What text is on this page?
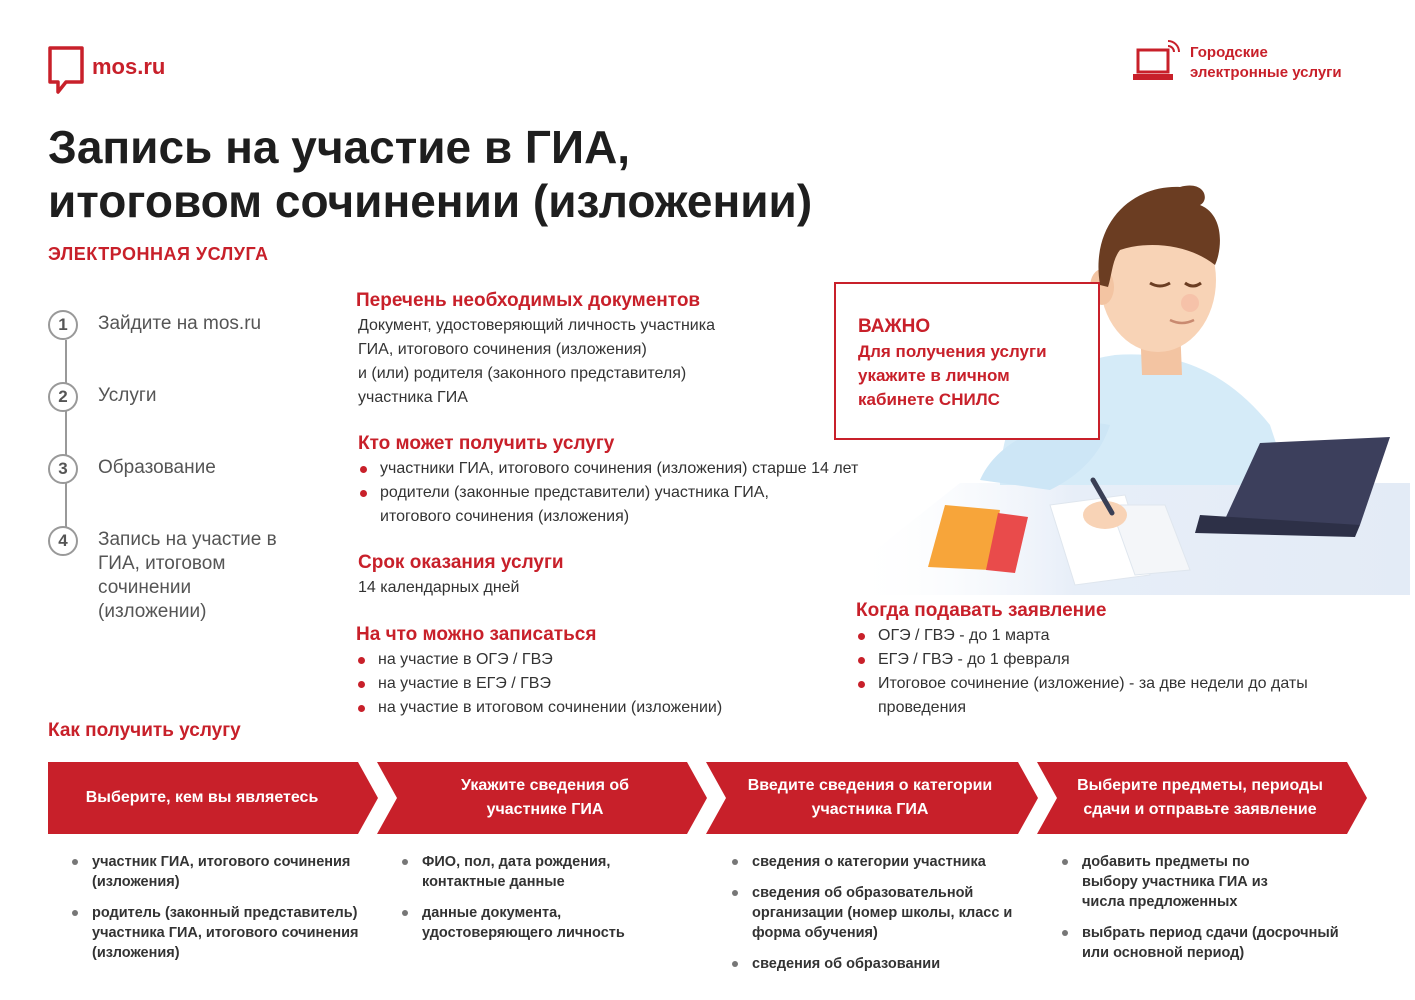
mos.ru
Городские
электронные услуги
Запись на участие в ГИА,
итоговом сочинении (изложении)
ЭЛЕКТРОННАЯ УСЛУГА
1	Зайдите на mos.ru
2	Услуги
3	Образование
4	Запись на участие в ГИА, итоговом сочинении (изложении)
Перечень необходимых документов
Документ, удостоверяющий личность участника
ГИА, итогового сочинения (изложения)
и (или) родителя (законного представителя)
участника ГИА
Кто может получить услугу
участники ГИА, итогового сочинения (изложения) старше 14 лет
родители (законные представители) участника ГИА, итогового сочинения (изложения)
Срок оказания услуги
14 календарных дней
На что можно записаться
на участие в ОГЭ / ГВЭ
на участие в ЕГЭ / ГВЭ
на участие в итоговом сочинении (изложении)
ВАЖНО
Для получения услуги
укажите в личном
кабинете СНИЛС
Когда подавать заявление
ОГЭ / ГВЭ - до 1 марта
ЕГЭ / ГВЭ - до 1 февраля
Итоговое сочинение (изложение) - за две недели до даты проведения
Как получить услугу
Выберите, кем вы являетесь
Укажите сведения об участнике ГИА
Введите сведения о категории участника ГИА
Выберите предметы, периоды сдачи и отправьте заявление
участник ГИА, итогового сочинения (изложения)
родитель (законный представитель) участника ГИА, итогового сочинения (изложения)
ФИО, пол, дата рождения, контактные данные
данные документа, удостоверяющего личность
сведения о категории участника
сведения об образовательной организации (номер школы, класс и форма обучения)
сведения об образовании
добавить предметы по выбору участника ГИА из числа предложенных
выбрать период сдачи (досрочный или основной период)
